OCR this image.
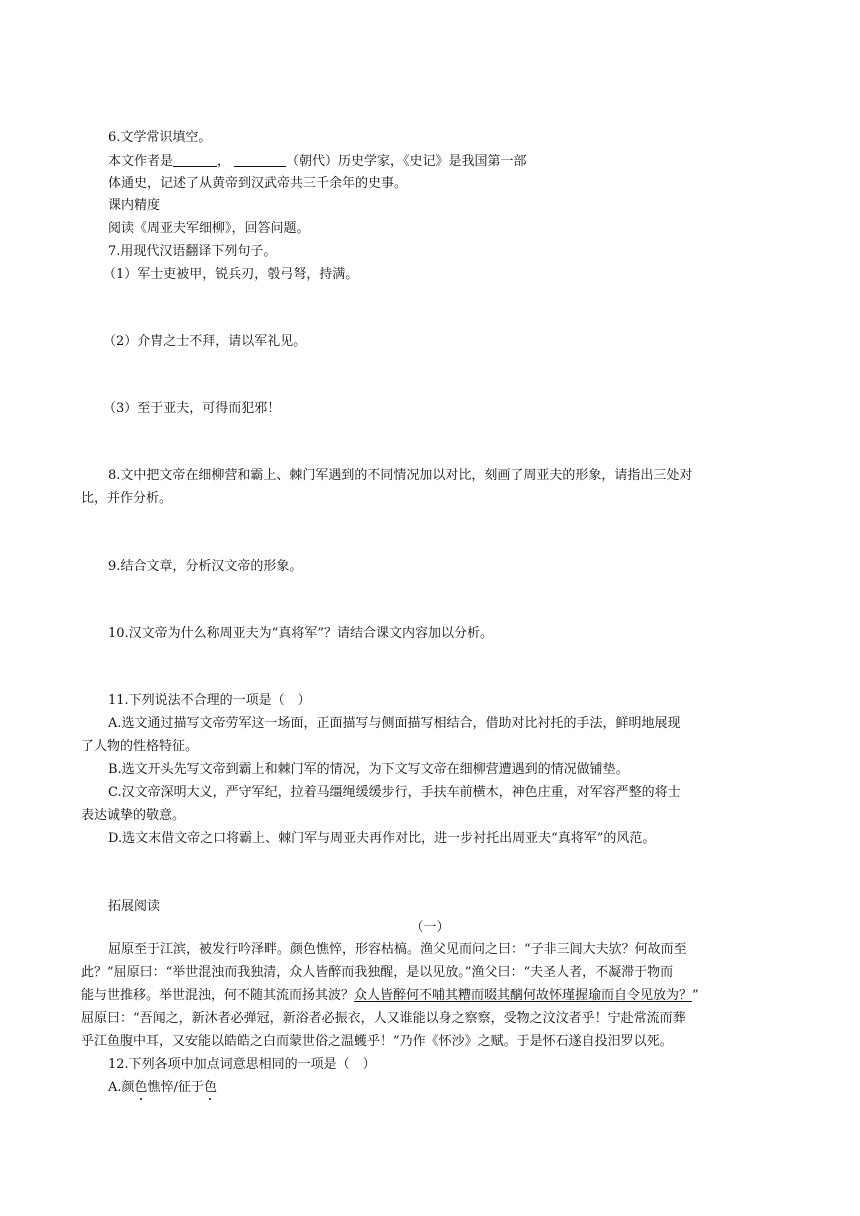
6.文学常识填空。
本文作者是	，	（朝代）历史学家，《史记》是我国第一部
体通史，记述了从黄帝到汉武帝共三千余年的史事。
课内精度
阅读《周亚夫军细柳》，回答问题。
7.用现代汉语翻译下列句子。
（1）军士吏被甲，锐兵刃，彀弓弩，持满。
（2）介胄之士不拜，请以军礼见。
（3）至于亚夫，可得而犯邪！
8.文中把文帝在细柳营和霸上、棘门军遇到的不同情况加以对比，刻画了周亚夫的形象，请指出三处对
比，并作分析。
9.结合文章，分析汉文帝的形象。
10.汉文帝为什么称周亚夫为“真将军”？请结合课文内容加以分析。
11.下列说法不合理的一项是（　）
A.选文通过描写文帝劳军这一场面，正面描写与侧面描写相结合，借助对比衬托的手法，鲜明地展现
了人物的性格特征。
B.选文开头先写文帝到霸上和棘门军的情况，为下文写文帝在细柳营遭遇到的情况做铺垫。
C.汉文帝深明大义，严守军纪，拉着马缰绳缓缓步行，手扶车前横木，神色庄重，对军容严整的将士
表达诚挚的敬意。
D.选文末借文帝之口将霸上、棘门军与周亚夫再作对比，进一步衬托出周亚夫“真将军”的风范。
拓展阅读
（一）
屈原至于江滨，被发行吟泽畔。颜色憔悴，形容枯槁。渔父见而问之曰：“子非三闾大夫欤？何故而至
此？”屈原曰：“举世混浊而我独清，众人皆醉而我独醒，是以见放。”渔父曰：“夫圣人者，不凝滞于物而
能与世推移。举世混浊，何不随其流而扬其波？众人皆醉何不哺其糟而啜其醨何故怀瑾握瑜而自令见放为？”
屈原曰：“吾闻之，新沐者必弹冠，新浴者必振衣，人又谁能以身之察察，受物之汶汶者乎！宁赴常流而葬
乎江鱼腹中耳，又安能以皓皓之白而蒙世俗之温蠖乎！”乃作《怀沙》之赋。于是怀石遂自投汨罗以死。
12.下列各项中加点词意思相同的一项是（　）
A.颜色憔悴/征于色
